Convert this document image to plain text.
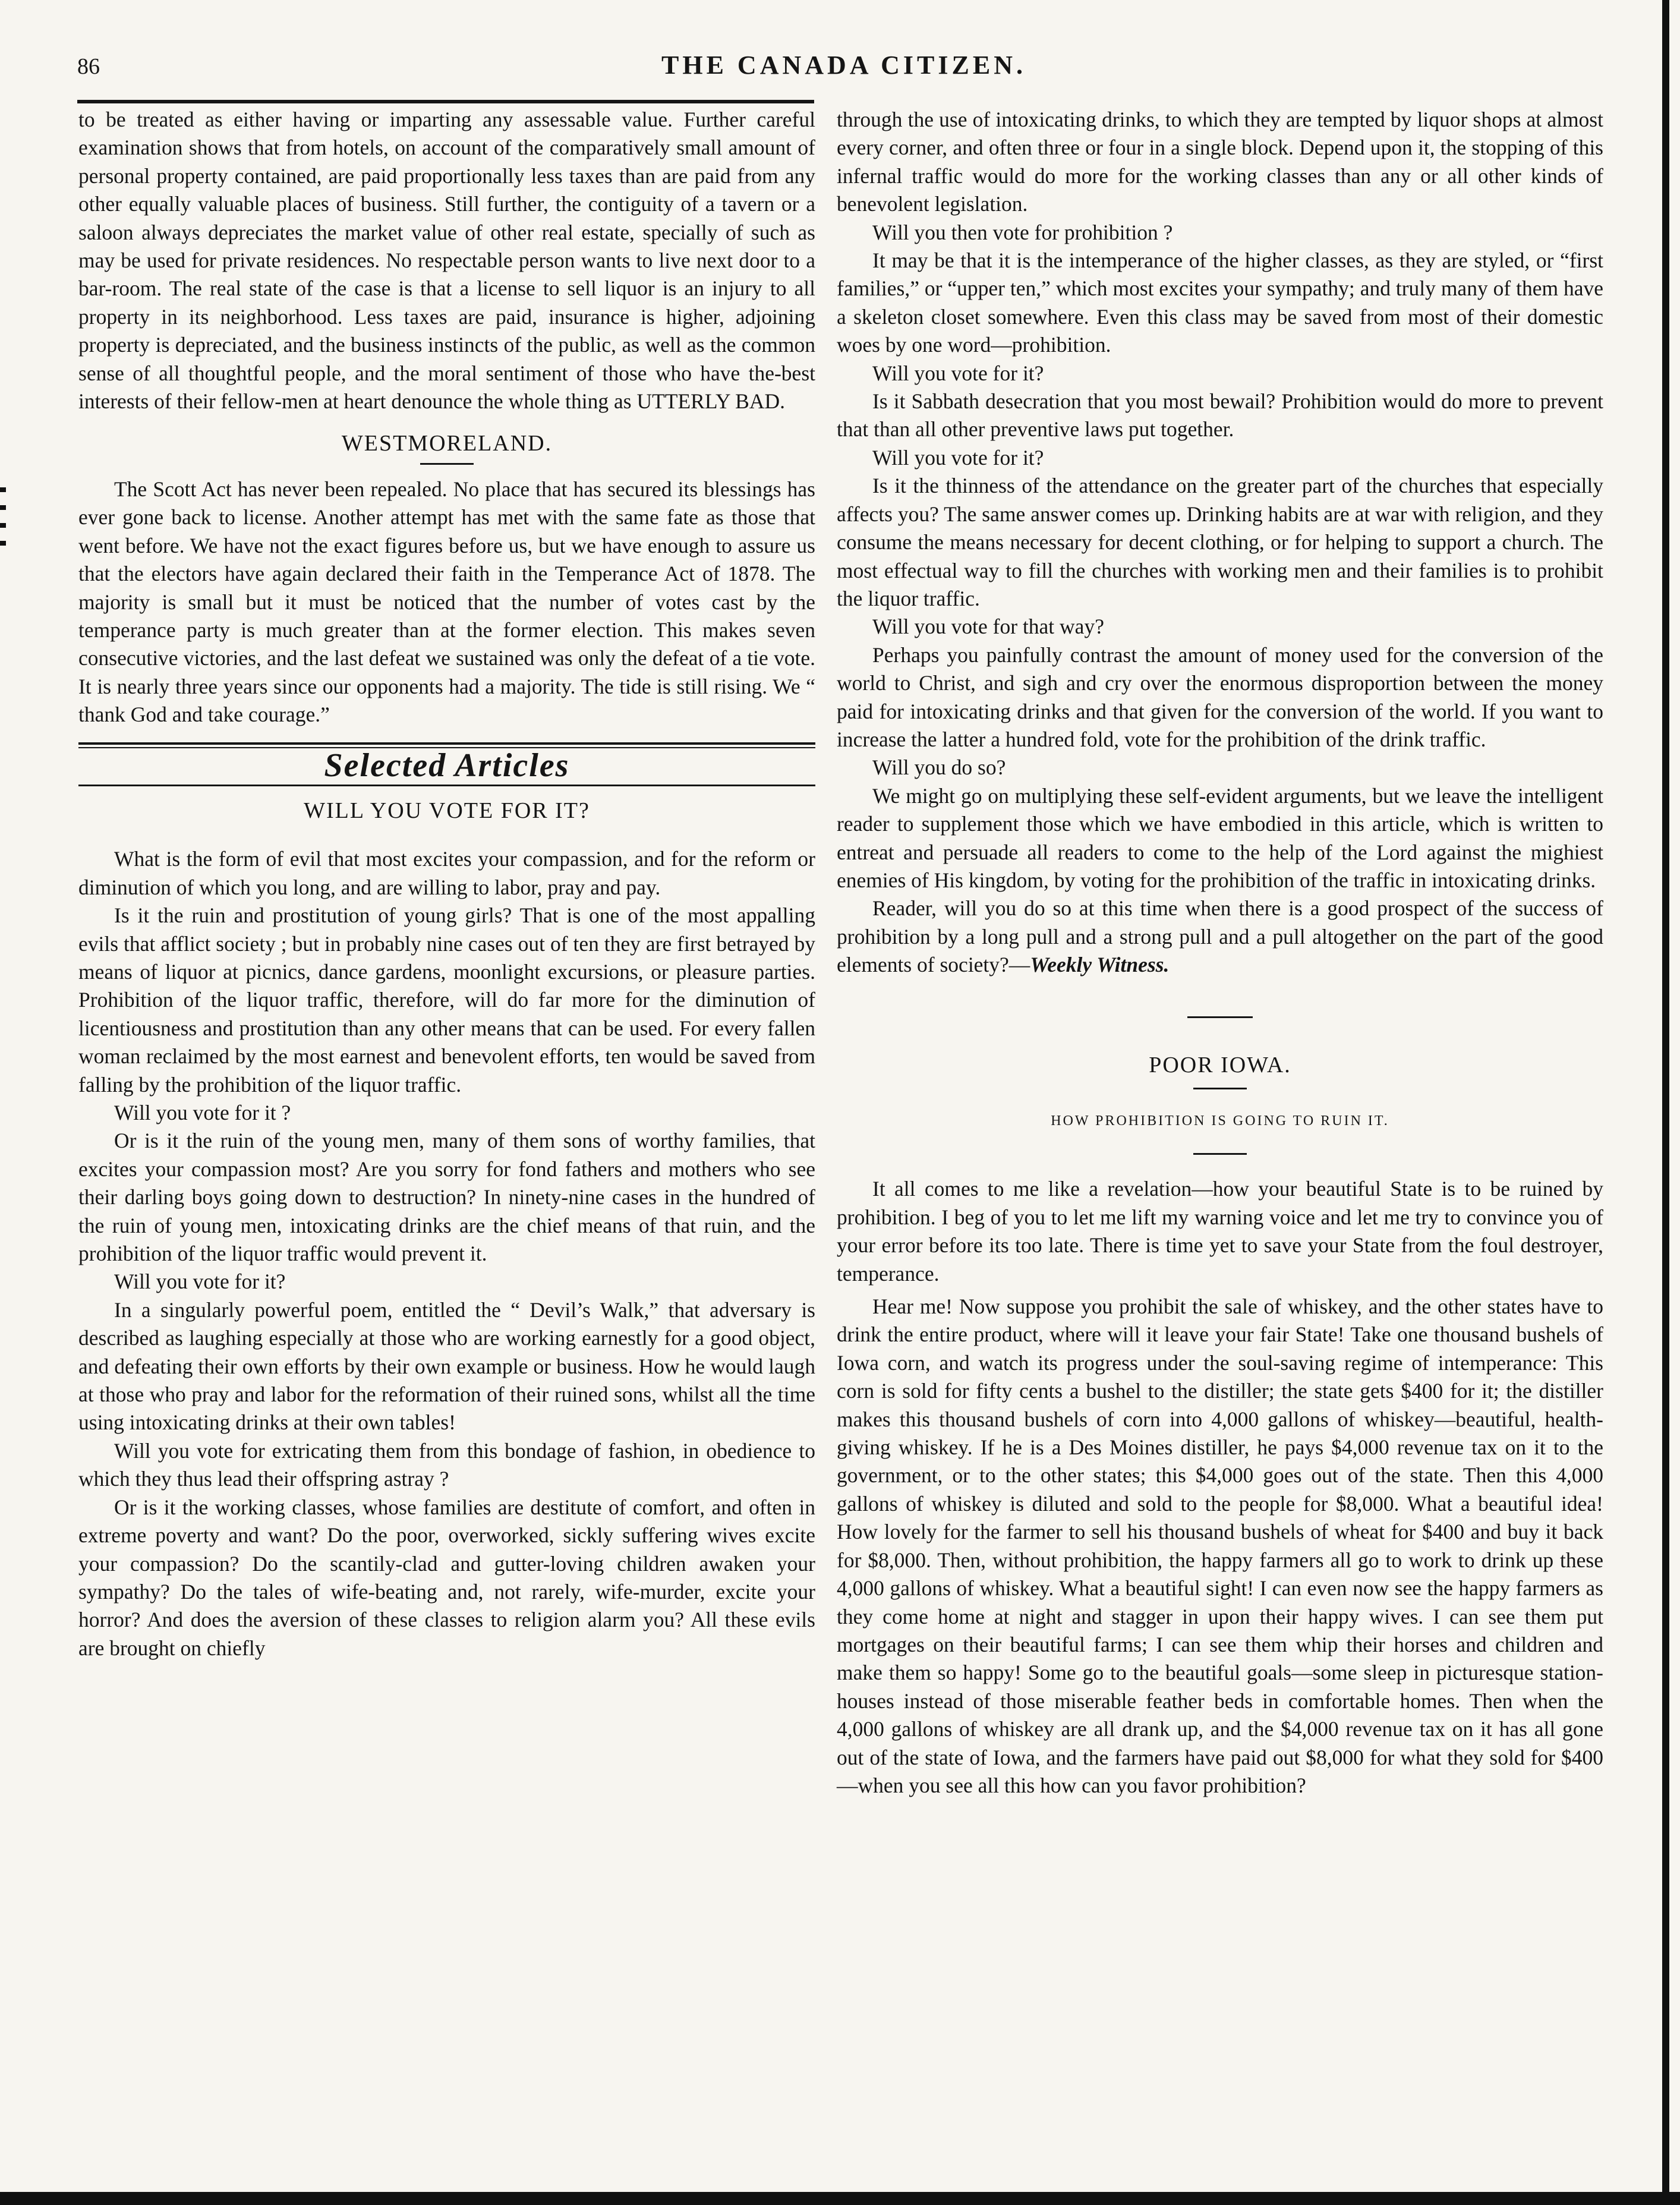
86	THE CANADA CITIZEN.

to be treated as either having or imparting any assessable value. Further careful examination shows that from hotels, on account of the comparatively small amount of personal property contained, are paid proportionally less taxes than are paid from any other equally valuable places of business. Still further, the contiguity of a tavern or a saloon always depreciates the market value of other real estate, specially of such as may be used for private residences. No respectable person wants to live next door to a bar-room. The real state of the case is that a license to sell liquor is an injury to all property in its neighborhood. Less taxes are paid, insurance is higher, adjoining property is depreciated, and the business instincts of the public, as well as the common sense of all thoughtful people, and the moral sentiment of those who have the-best interests of their fellow-men at heart denounce the whole thing as UTTERLY BAD.

WESTMORELAND.

The Scott Act has never been repealed. No place that has secured its blessings has ever gone back to license. Another attempt has met with the same fate as those that went before. We have not the exact figures before us, but we have enough to assure us that the electors have again declared their faith in the Temperance Act of 1878. The majority is small but it must be noticed that the number of votes cast by the temperance party is much greater than at the former election. This makes seven consecutive victories, and the last defeat we sustained was only the defeat of a tie vote. It is nearly three years since our opponents had a majority. The tide is still rising. We “ thank God and take courage.”

Selected Articles
WILL YOU VOTE FOR IT?

What is the form of evil that most excites your compassion, and for the reform or diminution of which you long, and are willing to labor, pray and pay.

Is it the ruin and prostitution of young girls? That is one of the most appalling evils that afflict society ; but in probably nine cases out of ten they are first betrayed by means of liquor at picnics, dance gardens, moonlight excursions, or pleasure parties. Prohibition of the liquor traffic, therefore, will do far more for the diminution of licentiousness and prostitution than any other means that can be used. For every fallen woman reclaimed by the most earnest and benevolent efforts, ten would be saved from falling by the prohibition of the liquor traffic.

Will you vote for it ?

Or is it the ruin of the young men, many of them sons of worthy families, that excites your compassion most? Are you sorry for fond fathers and mothers who see their darling boys going down to destruction? In ninety-nine cases in the hundred of the ruin of young men, intoxicating drinks are the chief means of that ruin, and the prohibition of the liquor traffic would prevent it.

Will you vote for it?

In a singularly powerful poem, entitled the “ Devil’s Walk,” that adversary is described as laughing especially at those who are working earnestly for a good object, and defeating their own efforts by their own example or business. How he would laugh at those who pray and labor for the reformation of their ruined sons, whilst all the time using intoxicating drinks at their own tables!

Will you vote for extricating them from this bondage of fashion, in obedience to which they thus lead their offspring astray ?

Or is it the working classes, whose families are destitute of comfort, and often in extreme poverty and want? Do the poor, overworked, sickly suffering wives excite your compassion? Do the scantily-clad and gutter-loving children awaken your sympathy? Do the tales of wife-beating and, not rarely, wife-murder, excite your horror? And does the aversion of these classes to religion alarm you? All these evils are brought on chiefly

through the use of intoxicating drinks, to which they are tempted by liquor shops at almost every corner, and often three or four in a single block. Depend upon it, the stopping of this infernal traffic would do more for the working classes than any or all other kinds of benevolent legislation.

Will you then vote for prohibition ?

It may be that it is the intemperance of the higher classes, as they are styled, or “first families,” or “upper ten,” which most excites your sympathy; and truly many of them have a skeleton closet somewhere. Even this class may be saved from most of their domestic woes by one word—prohibition.

Will you vote for it?

Is it Sabbath desecration that you most bewail? Prohibition would do more to prevent that than all other preventive laws put together.

Will you vote for it?

Is it the thinness of the attendance on the greater part of the churches that especially affects you? The same answer comes up. Drinking habits are at war with religion, and they consume the means necessary for decent clothing, or for helping to support a church. The most effectual way to fill the churches with working men and their families is to prohibit the liquor traffic.

Will you vote for that way?

Perhaps you painfully contrast the amount of money used for the conversion of the world to Christ, and sigh and cry over the enormous disproportion between the money paid for intoxicating drinks and that given for the conversion of the world. If you want to increase the latter a hundred fold, vote for the prohibition of the drink traffic.

Will you do so?

We might go on multiplying these self-evident arguments, but we leave the intelligent reader to supplement those which we have embodied in this article, which is written to entreat and persuade all readers to come to the help of the Lord against the mighiest enemies of His kingdom, by voting for the prohibition of the traffic in intoxicating drinks.

Reader, will you do so at this time when there is a good prospect of the success of prohibition by a long pull and a strong pull and a pull altogether on the part of the good elements of society?—Weekly Witness.

POOR IOWA.
HOW PROHIBITION IS GOING TO RUIN IT.

It all comes to me like a revelation—how your beautiful State is to be ruined by prohibition. I beg of you to let me lift my warning voice and let me try to convince you of your error before its too late. There is time yet to save your State from the foul destroyer, temperance.

Hear me! Now suppose you prohibit the sale of whiskey, and the other states have to drink the entire product, where will it leave your fair State! Take one thousand bushels of Iowa corn, and watch its progress under the soul-saving regime of intemperance: This corn is sold for fifty cents a bushel to the distiller; the state gets $400 for it; the distiller makes this thousand bushels of corn into 4,000 gallons of whiskey—beautiful, health-giving whiskey. If he is a Des Moines distiller, he pays $4,000 revenue tax on it to the government, or to the other states; this $4,000 goes out of the state. Then this 4,000 gallons of whiskey is diluted and sold to the people for $8,000. What a beautiful idea! How lovely for the farmer to sell his thousand bushels of wheat for $400 and buy it back for $8,000. Then, without prohibition, the happy farmers all go to work to drink up these 4,000 gallons of whiskey. What a beautiful sight! I can even now see the happy farmers as they come home at night and stagger in upon their happy wives. I can see them put mortgages on their beautiful farms; I can see them whip their horses and children and make them so happy! Some go to the beautiful goals—some sleep in picturesque station-houses instead of those miserable feather beds in comfortable homes. Then when the 4,000 gallons of whiskey are all drank up, and the $4,000 revenue tax on it has all gone out of the state of Iowa, and the farmers have paid out $8,000 for what they sold for $400—when you see all this how can you favor prohibition?
